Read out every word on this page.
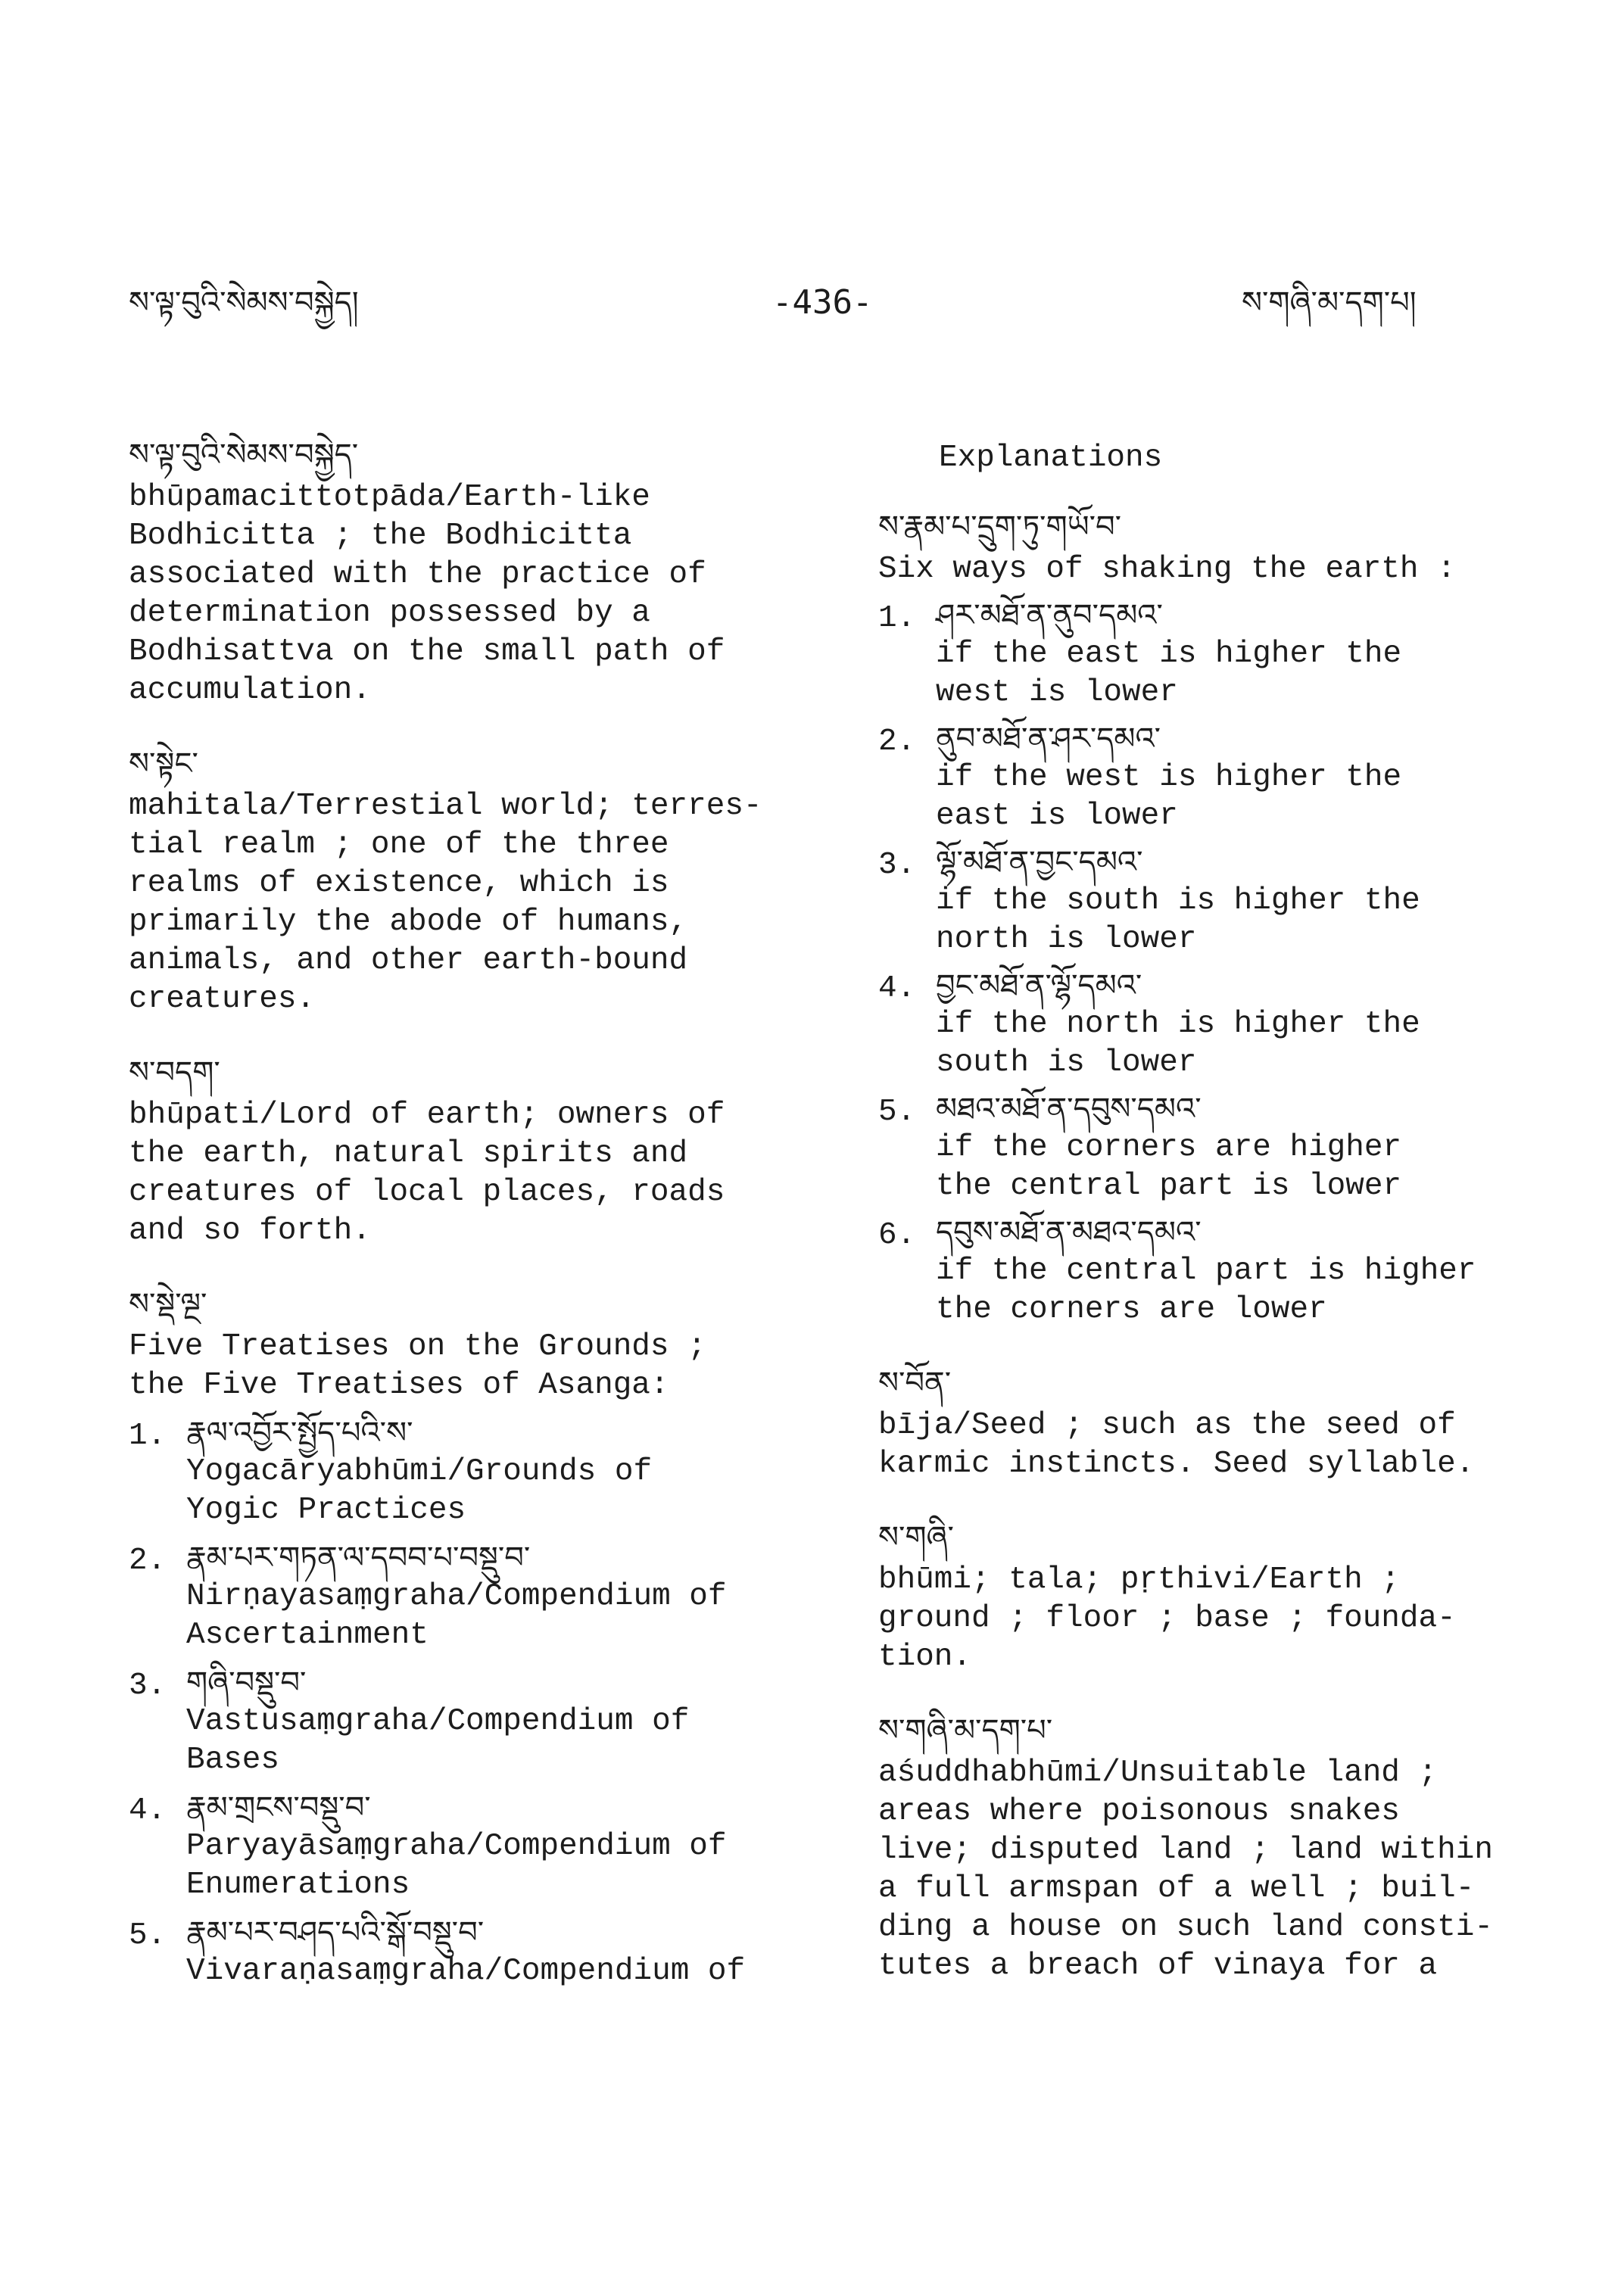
ས་ལྟ་བུའི་སེམས་བསྐྱེད།	-436-	ས་གཞི་མ་དག་པ།
ས་ལྟ་བུའི་སེམས་བསྐྱེད་
bhūpamacittotpāda/Earth-like
Bodhicitta ; the Bodhicitta
associated with the practice of
determination possessed by a
Bodhisattva on the small path of
accumulation.
ས་སྟེང་
mahitala/Terrestial world; terres-
tial realm ; one of the three
realms of existence, which is
primarily the abode of humans,
animals, and other earth-bound
creatures.
ས་བདག་
bhūpati/Lord of earth; owners of
the earth, natural spirits and
creatures of local places, roads
and so forth.
ས་སྡེ་ལྔ་
Five Treatises on the Grounds ;
the Five Treatises of Asanga:
1. རྣལ་འབྱོར་སྤྱོད་པའི་ས་
Yogacāryabhūmi/Grounds of
Yogic Practices
2. རྣམ་པར་གཏན་ལ་དབབ་པ་བསྡུ་བ་
Nirṇayasaṃgraha/Compendium of
Ascertainment
3. གཞི་བསྡུ་བ་
Vastusaṃgraha/Compendium of
Bases
4. རྣམ་གྲངས་བསྡུ་བ་
Paryayāsaṃgraha/Compendium of
Enumerations
5. རྣམ་པར་བཤད་པའི་སྒོ་བསྡུ་བ་
Vivaraṇasaṃgraha/Compendium of
Explanations
ས་རྣམ་པ་དྲུག་ཏུ་གཡོ་བ་
Six ways of shaking the earth :
1. ཤར་མཐོ་ན་ནུབ་དམའ་
if the east is higher the
west is lower
2. ནུབ་མཐོ་ན་ཤར་དམའ་
if the west is higher the
east is lower
3. ལྷོ་མཐོ་ན་བྱང་དམའ་
if the south is higher the
north is lower
4. བྱང་མཐོ་ན་ལྷོ་དམའ་
if the north is higher the
south is lower
5. མཐའ་མཐོ་ན་དབུས་དམའ་
if the corners are higher
the central part is lower
6. དབུས་མཐོ་ན་མཐའ་དམའ་
if the central part is higher
the corners are lower
ས་བོན་
bīja/Seed ; such as the seed of
karmic instincts. Seed syllable.
ས་གཞི་
bhūmi; tala; pṛthivi/Earth ;
ground ; floor ; base ; founda-
tion.
ས་གཞི་མ་དག་པ་
aśuddhabhūmi/Unsuitable land ;
areas where poisonous snakes
live; disputed land ; land within
a full armspan of a well ; buil-
ding a house on such land consti-
tutes a breach of vinaya for a
